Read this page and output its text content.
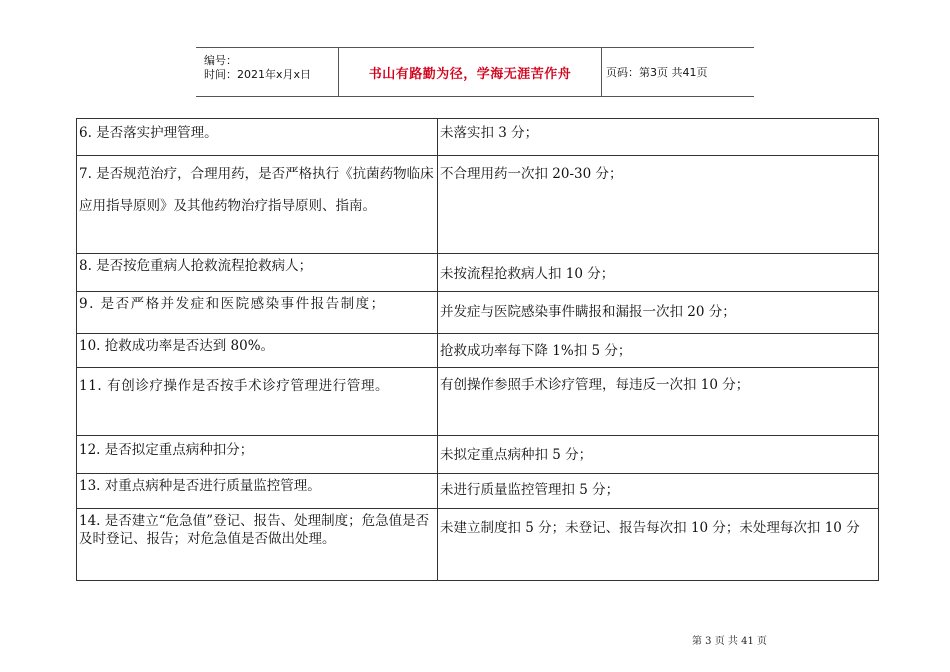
编号：
时间：2021年x月x日	书山有路勤为径，学海无涯苦作舟	页码：第3页 共41页
6. 是否落实护理管理。	未落实扣 3 分；
7. 是否规范治疗，合理用药，是否严格执行《抗菌药物临床应用指导原则》及其他药物治疗指导原则、指南。	不合理用药一次扣 20-30 分；
8. 是否按危重病人抢救流程抢救病人；	未按流程抢救病人扣 10 分；
9. 是否严格并发症和医院感染事件报告制度；	并发症与医院感染事件瞒报和漏报一次扣 20 分；
10. 抢救成功率是否达到 80%。	抢救成功率每下降 1%扣 5 分；
11. 有创诊疗操作是否按手术诊疗管理进行管理。	有创操作参照手术诊疗管理，每违反一次扣 10 分；
12. 是否拟定重点病种扣分；	未拟定重点病种扣 5 分；
13. 对重点病种是否进行质量监控管理。	未进行质量监控管理扣 5 分；
14. 是否建立“危急值”登记、报告、处理制度；危急值是否及时登记、报告；对危急值是否做出处理。	未建立制度扣 5 分；未登记、报告每次扣 10 分；未处理每次扣 10 分
第 3 页 共 41 页
